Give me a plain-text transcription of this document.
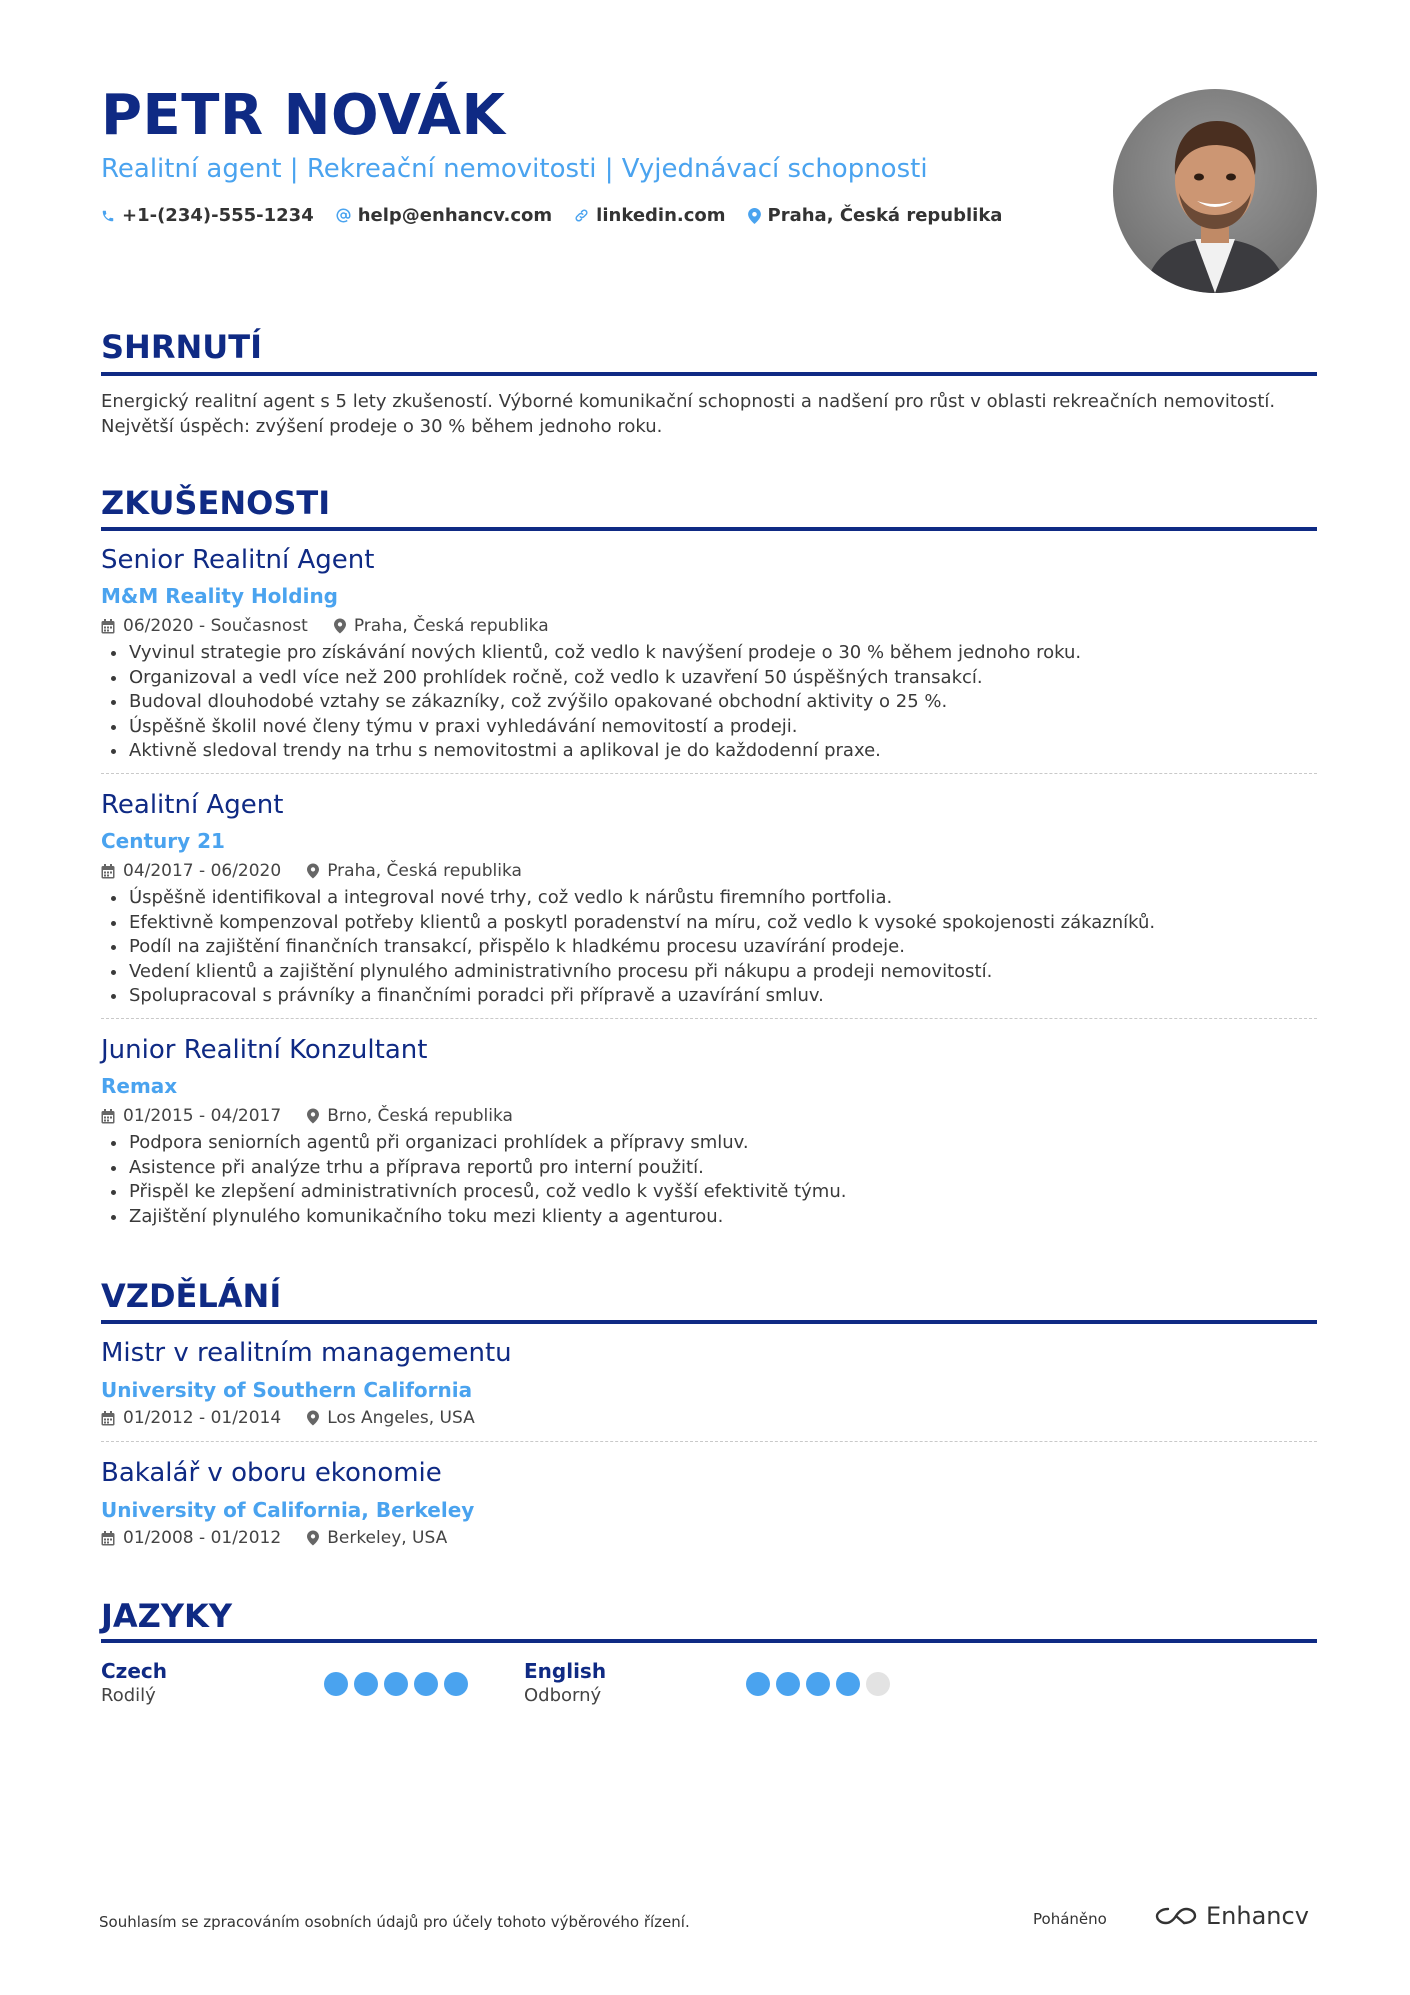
PETR NOVÁK
Realitní agent | Rekreační nemovitosti | Vyjednávací schopnosti
+1-(234)-555-1234 help@enhancv.com linkedin.com Praha, Česká republika
SHRNUTÍ
Energický realitní agent s 5 lety zkušeností. Výborné komunikační schopnosti a nadšení pro růst v oblasti rekreačních nemovitostí. Největší úspěch: zvýšení prodeje o 30 % během jednoho roku.
ZKUŠENOSTI
Senior Realitní Agent
M&M Reality Holding
06/2020 - Současnost	Praha, Česká republika
Vyvinul strategie pro získávání nových klientů, což vedlo k navýšení prodeje o 30 % během jednoho roku.
Organizoval a vedl více než 200 prohlídek ročně, což vedlo k uzavření 50 úspěšných transakcí.
Budoval dlouhodobé vztahy se zákazníky, což zvýšilo opakované obchodní aktivity o 25 %.
Úspěšně školil nové členy týmu v praxi vyhledávání nemovitostí a prodeji.
Aktivně sledoval trendy na trhu s nemovitostmi a aplikoval je do každodenní praxe.
Realitní Agent
Century 21
04/2017 - 06/2020	Praha, Česká republika
Úspěšně identifikoval a integroval nové trhy, což vedlo k nárůstu firemního portfolia.
Efektivně kompenzoval potřeby klientů a poskytl poradenství na míru, což vedlo k vysoké spokojenosti zákazníků.
Podíl na zajištění finančních transakcí, přispělo k hladkému procesu uzavírání prodeje.
Vedení klientů a zajištění plynulého administrativního procesu při nákupu a prodeji nemovitostí.
Spolupracoval s právníky a finančními poradci při přípravě a uzavírání smluv.
Junior Realitní Konzultant
Remax
01/2015 - 04/2017	Brno, Česká republika
Podpora seniorních agentů při organizaci prohlídek a přípravy smluv.
Asistence při analýze trhu a příprava reportů pro interní použití.
Přispěl ke zlepšení administrativních procesů, což vedlo k vyšší efektivitě týmu.
Zajištění plynulého komunikačního toku mezi klienty a agenturou.
VZDĚLÁNÍ
Mistr v realitním managementu
University of Southern California
01/2012 - 01/2014	Los Angeles, USA
Bakalář v oboru ekonomie
University of California, Berkeley
01/2008 - 01/2012	Berkeley, USA
JAZYKY
Czech
Rodilý
English
Odborný
Souhlasím se zpracováním osobních údajů pro účely tohoto výběrového řízení.	Poháněno	Enhancv
